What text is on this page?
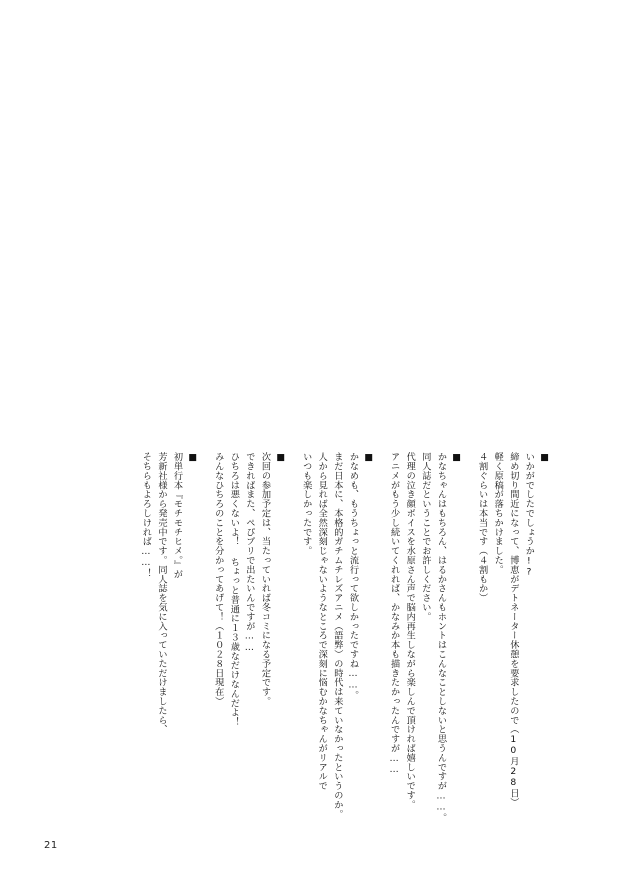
■
いかがでしたでしょうか!?
締め切り間近になって、博恵がデトネーター休憩を要求したので（10月28日）
軽く原稿が落ちかけました。
４割ぐらいは本当です（４割もか）
■
かなちゃんはもちろん、はるかさんもホントはこんなことしないと思うんですが……。
同人誌だということでお許しください。
代理の泣き顔ボイスを水原さん声で脳内再生しながら楽しんで頂ければ嬉しいです。
アニメがもう少し続いてくれれば、かなみか本も描きたかったんですが……
■
かなめも、もうちょっと流行って欲しかったですね……。
まだ日本に、本格的ガチムチレズアニメ（語弊）の時代は来ていなかったというのか。
人から見れば全然深刻じゃないようなところで深刻に悩むかなちゃんがリアルで
いつも楽しかったです。
■
次回の参加予定は、当たっていれば冬コミになる予定です。
できればまた、ぺぴプリで出たいんですが……
ひちろは悪くないよ！ ちょっと普通に１３歳なだけなんだよ！
みんなひちろのことを分かってあげて！（１０２８日現在）
■
初単行本『モチモチヒメ。』が
芳新社様から発売中です。同人誌を気に入っていただけましたら、
そちらもよろしければ……！
21
